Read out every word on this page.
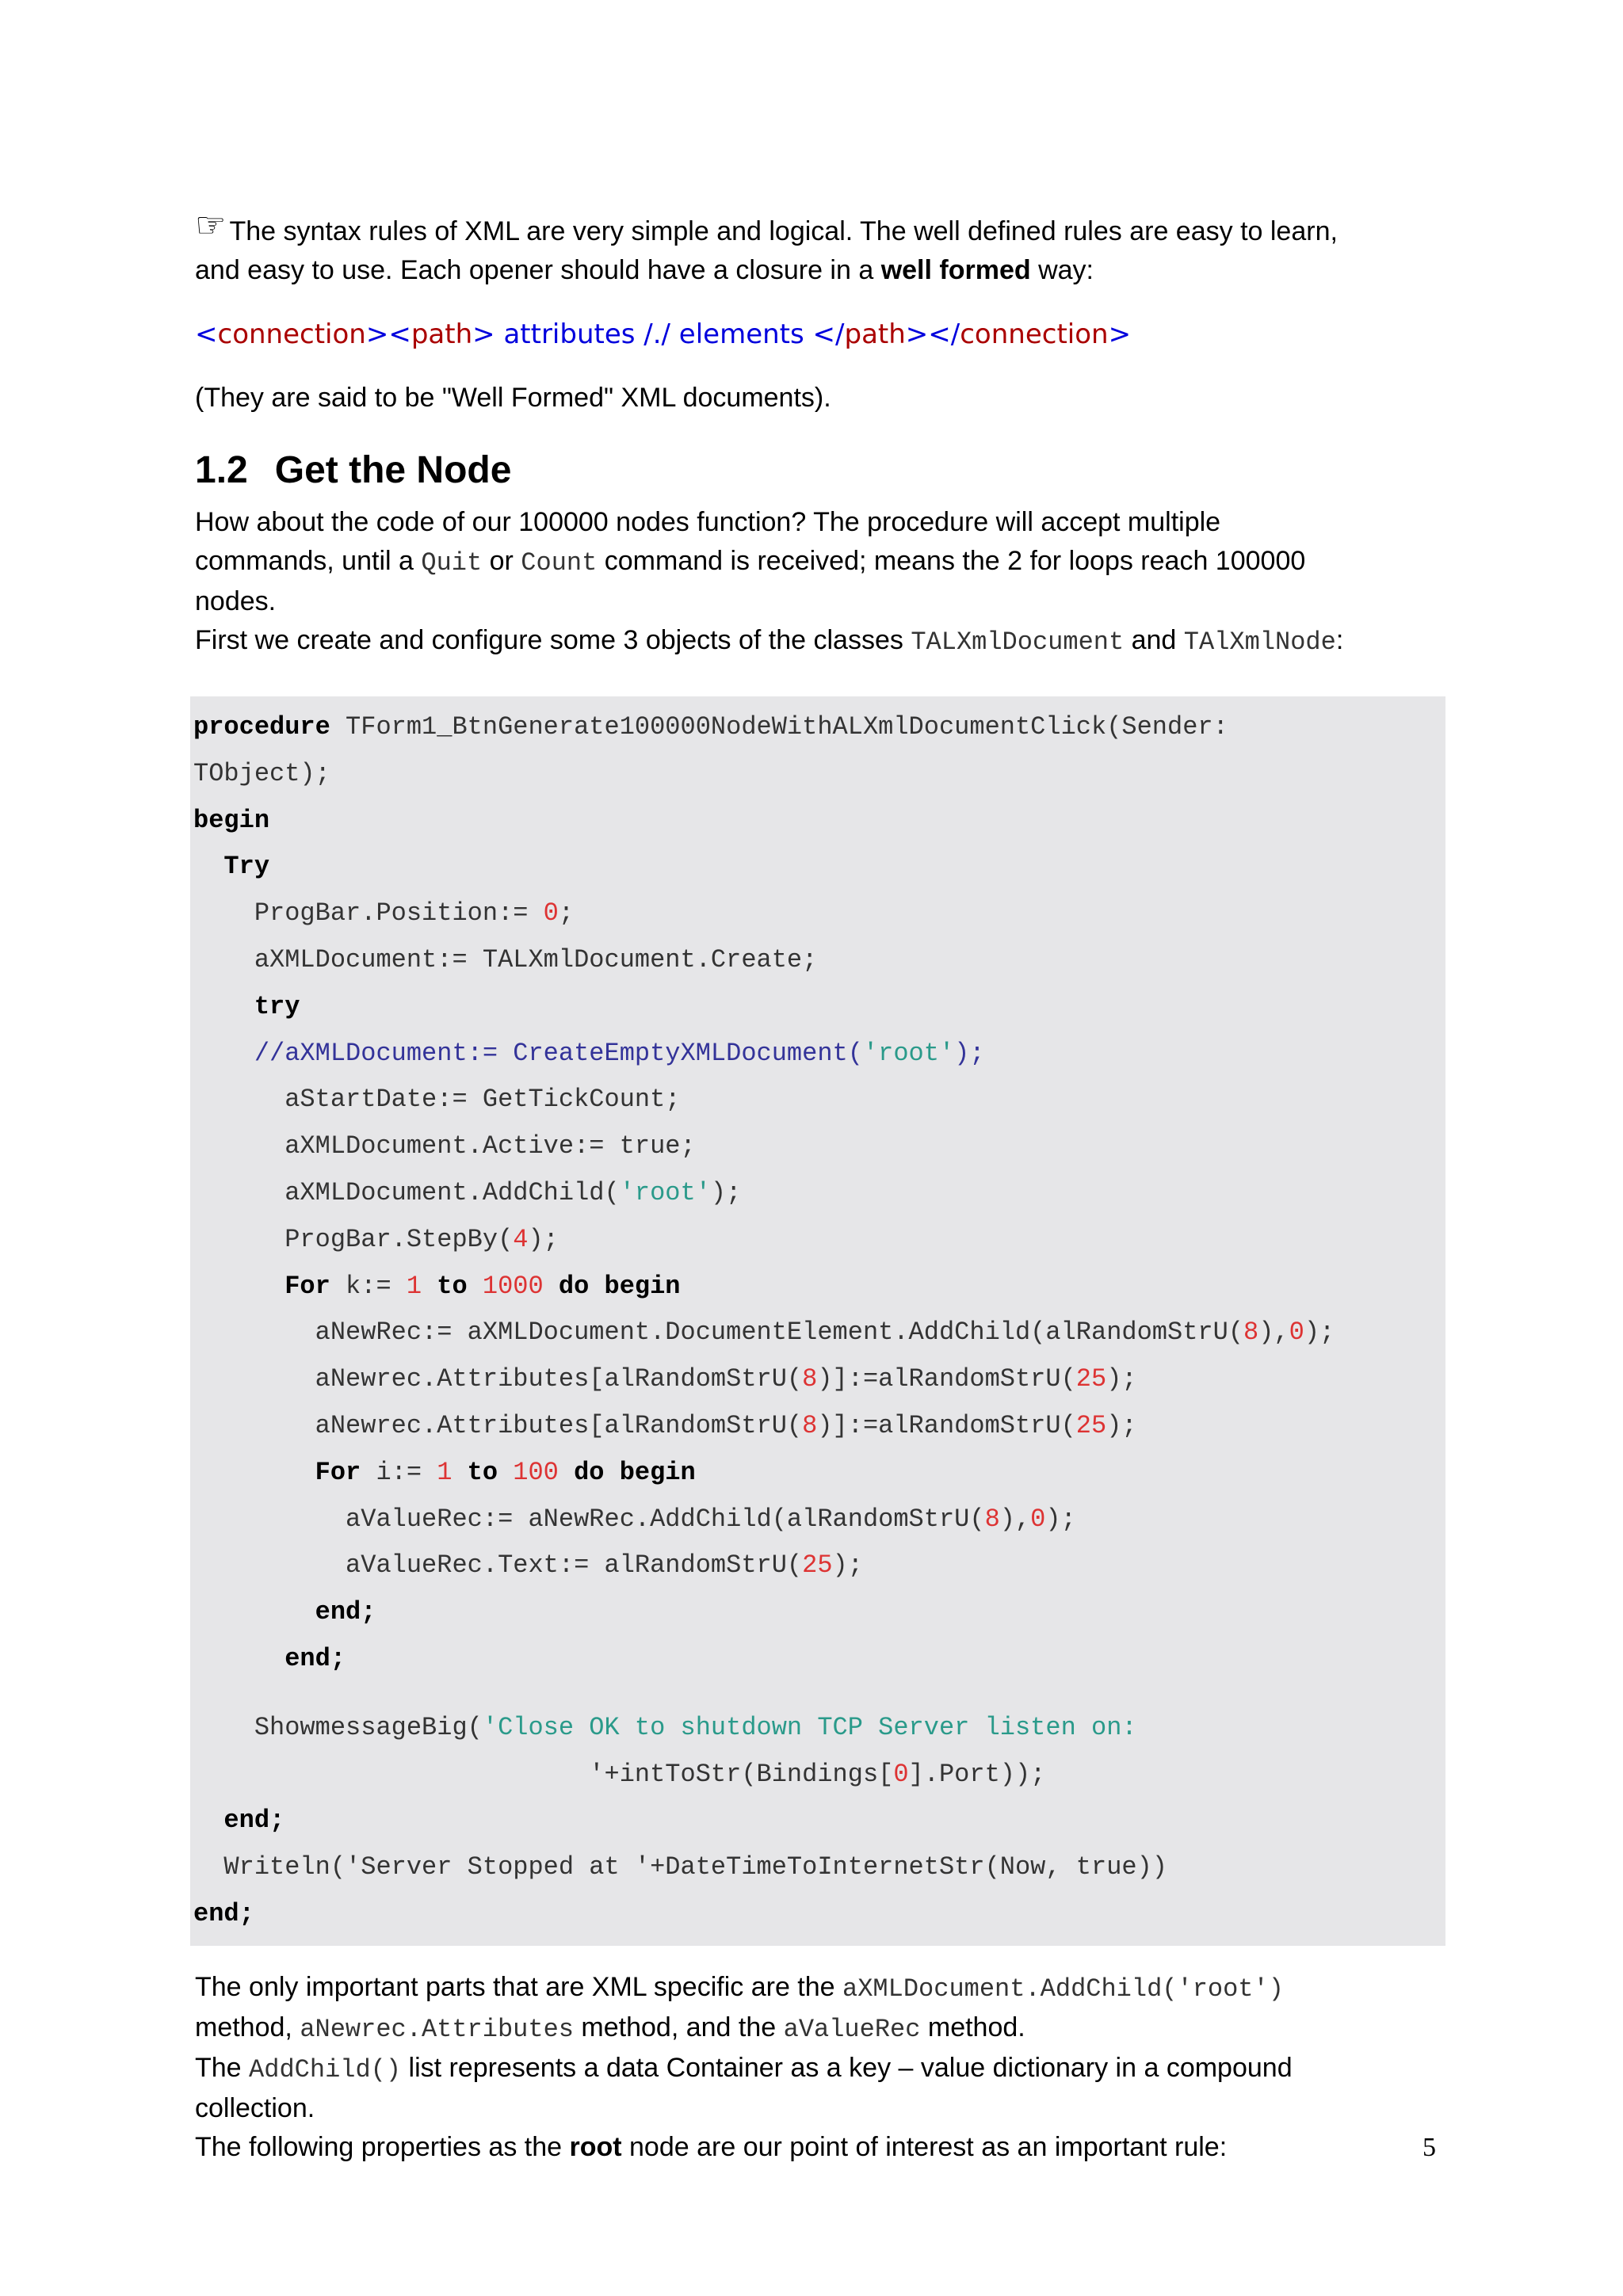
☞ The syntax rules of XML are very simple and logical. The well defined rules are easy to learn,
and easy to use. Each opener should have a closure in a well formed way:

<connection><path> attributes /./ elements </path></connection>

(They are said to be "Well Formed" XML documents).

1.2 Get the Node

How about the code of our 100000 nodes function? The procedure will accept multiple
commands, until a Quit or Count command is received; means the 2 for loops reach 100000
nodes.
First we create and configure some 3 objects of the classes TALXmlDocument and TAlXmlNode:

procedure TForm1_BtnGenerate100000NodeWithALXmlDocumentClick(Sender:
TObject);
begin
Try
ProgBar.Position:= 0;
aXMLDocument:= TALXmlDocument.Create;
try
//aXMLDocument:= CreateEmptyXMLDocument('root');
aStartDate:= GetTickCount;
aXMLDocument.Active:= true;
aXMLDocument.AddChild('root');
ProgBar.StepBy(4);
For k:= 1 to 1000 do begin
aNewRec:= aXMLDocument.DocumentElement.AddChild(alRandomStrU(8),0);
aNewrec.Attributes[alRandomStrU(8)]:=alRandomStrU(25);
aNewrec.Attributes[alRandomStrU(8)]:=alRandomStrU(25);
For i:= 1 to 100 do begin
aValueRec:= aNewRec.AddChild(alRandomStrU(8),0);
aValueRec.Text:= alRandomStrU(25);
end;
end;
ShowmessageBig('Close OK to shutdown TCP Server listen on:
'+intToStr(Bindings[0].Port));
end;
Writeln('Server Stopped at '+DateTimeToInternetStr(Now, true))
end;

The only important parts that are XML specific are the aXMLDocument.AddChild('root')
method, aNewrec.Attributes method, and the aValueRec method.
The AddChild() list represents a data Container as a key – value dictionary in a compound
collection.
The following properties as the root node are our point of interest as an important rule:	5
